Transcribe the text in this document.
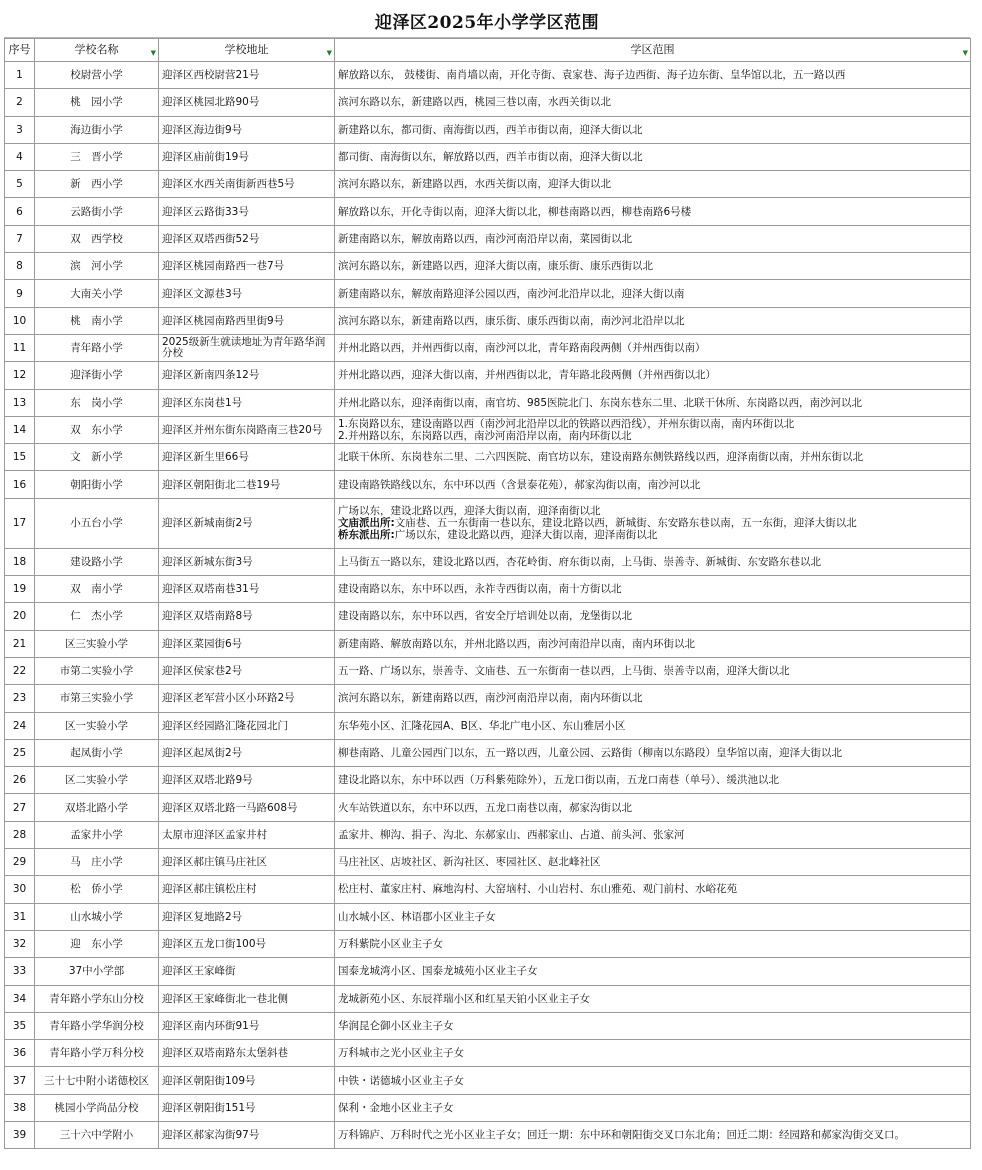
迎泽区2025年小学学区范围
序号	学校名称 ▼	学校地址 ▼	学区范围 ▼

1	校尉营小学	迎泽区西校尉营21号	解放路以东， 鼓楼街、南肖墙以南，开化寺街、袁家巷、海子边西街、海子边东街、皇华馆以北，五一路以西
2	桃　园小学	迎泽区桃园北路90号	滨河东路以东，新建路以西，桃园三巷以南，水西关街以北
3	海边街小学	迎泽区海边街9号	新建路以东，都司街、南海街以西，西羊市街以南，迎泽大街以北
4	三　晋小学	迎泽区庙前街19号	都司街、南海街以东，解放路以西，西羊市街以南，迎泽大街以北
5	新　西小学	迎泽区水西关南街新西巷5号	滨河东路以东，新建路以西，水西关街以南，迎泽大街以北
6	云路街小学	迎泽区云路街33号	解放路以东，开化寺街以南，迎泽大街以北，柳巷南路以西，柳巷南路6号楼
7	双　西学校	迎泽区双塔西街52号	新建南路以东，解放南路以西，南沙河南沿岸以南，菜园街以北
8	滨　河小学	迎泽区桃园南路西一巷7号	滨河东路以东，新建路以西，迎泽大街以南，康乐街、康乐西街以北
9	大南关小学	迎泽区文源巷3号	新建南路以东，解放南路迎泽公园以西，南沙河北沿岸以北，迎泽大街以南
10	桃　南小学	迎泽区桃园南路西里街9号	滨河东路以东，新建南路以西，康乐街、康乐西街以南，南沙河北沿岸以北
11	青年路小学	2025级新生就读地址为青年路华润分校	并州北路以西，并州西街以南，南沙河以北，青年路南段两侧（并州西街以南）
12	迎泽街小学	迎泽区新南四条12号	并州北路以西，迎泽大街以南，并州西街以北，青年路北段两侧（并州西街以北）
13	东　岗小学	迎泽区东岗巷1号	并州北路以东，迎泽南街以南，南官坊、985医院北门、东岗东巷东二里、北联干休所、东岗路以西，南沙河以北
14	双　东小学	迎泽区并州东街东岗路南三巷20号	1.东岗路以东，建设南路以西（南沙河北沿岸以北的铁路以西沿线），并州东街以南，南内环街以北
2.并州路以东，东岗路以西，南沙河南沿岸以南，南内环街以北

15	文　新小学	迎泽区新生里66号	北联干休所、东岗巷东二里、二六四医院、南官坊以东，建设南路东侧铁路线以西，迎泽南街以南，并州东街以北
16	朝阳街小学	迎泽区朝阳街北二巷19号	建设南路铁路线以东，东中环以西（含景泰花苑），郝家沟街以南，南沙河以北
17	小五台小学	迎泽区新城南街2号	广场以东，建设北路以西，迎泽大街以南，迎泽南街以北
文庙派出所:文庙巷、五一东街南一巷以东，建设北路以西，新城街、东安路东巷以南，五一东街，迎泽大街以北
桥东派出所:广场以东，建设北路以西，迎泽大街以南，迎泽南街以北

18	建设路小学	迎泽区新城东街3号	上马街五一路以东，建设北路以西，杏花岭街、府东街以南，上马街、崇善寺、新城街、东安路东巷以北
19	双　南小学	迎泽区双塔南巷31号	建设南路以东，东中环以西，永祚寺西街以南，南十方街以北
20	仁　杰小学	迎泽区双塔南路8号	建设南路以东，东中环以西，省安全厅培训处以南，龙堡街以北
21	区三实验小学	迎泽区菜园街6号	新建南路、解放南路以东，并州北路以西，南沙河南沿岸以南，南内环街以北
22	市第二实验小学	迎泽区侯家巷2号	五一路、广场以东，崇善寺、文庙巷、五一东街南一巷以西，上马街、崇善寺以南，迎泽大街以北
23	市第三实验小学	迎泽区老军营小区小环路2号	滨河东路以东，新建南路以西，南沙河南沿岸以南，南内环街以北
24	区一实验小学	迎泽区经园路汇隆花园北门	东华苑小区、汇隆花园A、B区、华北广电小区、东山雅居小区
25	起凤街小学	迎泽区起凤街2号	柳巷南路、儿童公园西门以东，五一路以西，儿童公园、云路街（柳南以东路段）皇华馆以南，迎泽大街以北
26	区二实验小学	迎泽区双塔北路9号	建设北路以东，东中环以西（万科紫苑除外），五龙口街以南，五龙口南巷（单号）、缓洪池以北
27	双塔北路小学	迎泽区双塔北路一马路608号	火车站铁道以东，东中环以西，五龙口南巷以南，郝家沟街以北
28	孟家井小学	太原市迎泽区孟家井村	孟家井、柳沟、捐子、沟北、东郝家山、西郝家山、占道、前头河、张家河
29	马　庄小学	迎泽区郝庄镇马庄社区	马庄社区、店坡社区、新沟社区、枣园社区、赵北峰社区
30	松　侨小学	迎泽区郝庄镇松庄村	松庄村、董家庄村、麻地沟村、大窑垴村、小山岩村、东山雅苑、观门前村、水峪花苑
31	山水城小学	迎泽区复地路2号	山水城小区、林语郡小区业主子女
32	迎　东小学	迎泽区五龙口街100号	万科紫院小区业主子女
33	37中小学部	迎泽区王家峰街	国泰龙城湾小区、国泰龙城苑小区业主子女
34	青年路小学东山分校	迎泽区王家峰街北一巷北侧	龙城新苑小区、东辰祥瑞小区和红星天铂小区业主子女
35	青年路小学华润分校	迎泽区南内环街91号	华润昆仑御小区业主子女
36	青年路小学万科分校	迎泽区双塔南路东太堡斜巷	万科城市之光小区业主子女
37	三十七中附小诺德校区	迎泽区朝阳街109号	中铁・诺德城小区业主子女
38	桃园小学尚品分校	迎泽区朝阳街151号	保利・金地小区业主子女
39	三十六中学附小	迎泽区郝家沟街97号	万科锦庐、万科时代之光小区业主子女；回迁一期：东中环和朝阳街交叉口东北角；回迁二期：经园路和郝家沟街交叉口。
